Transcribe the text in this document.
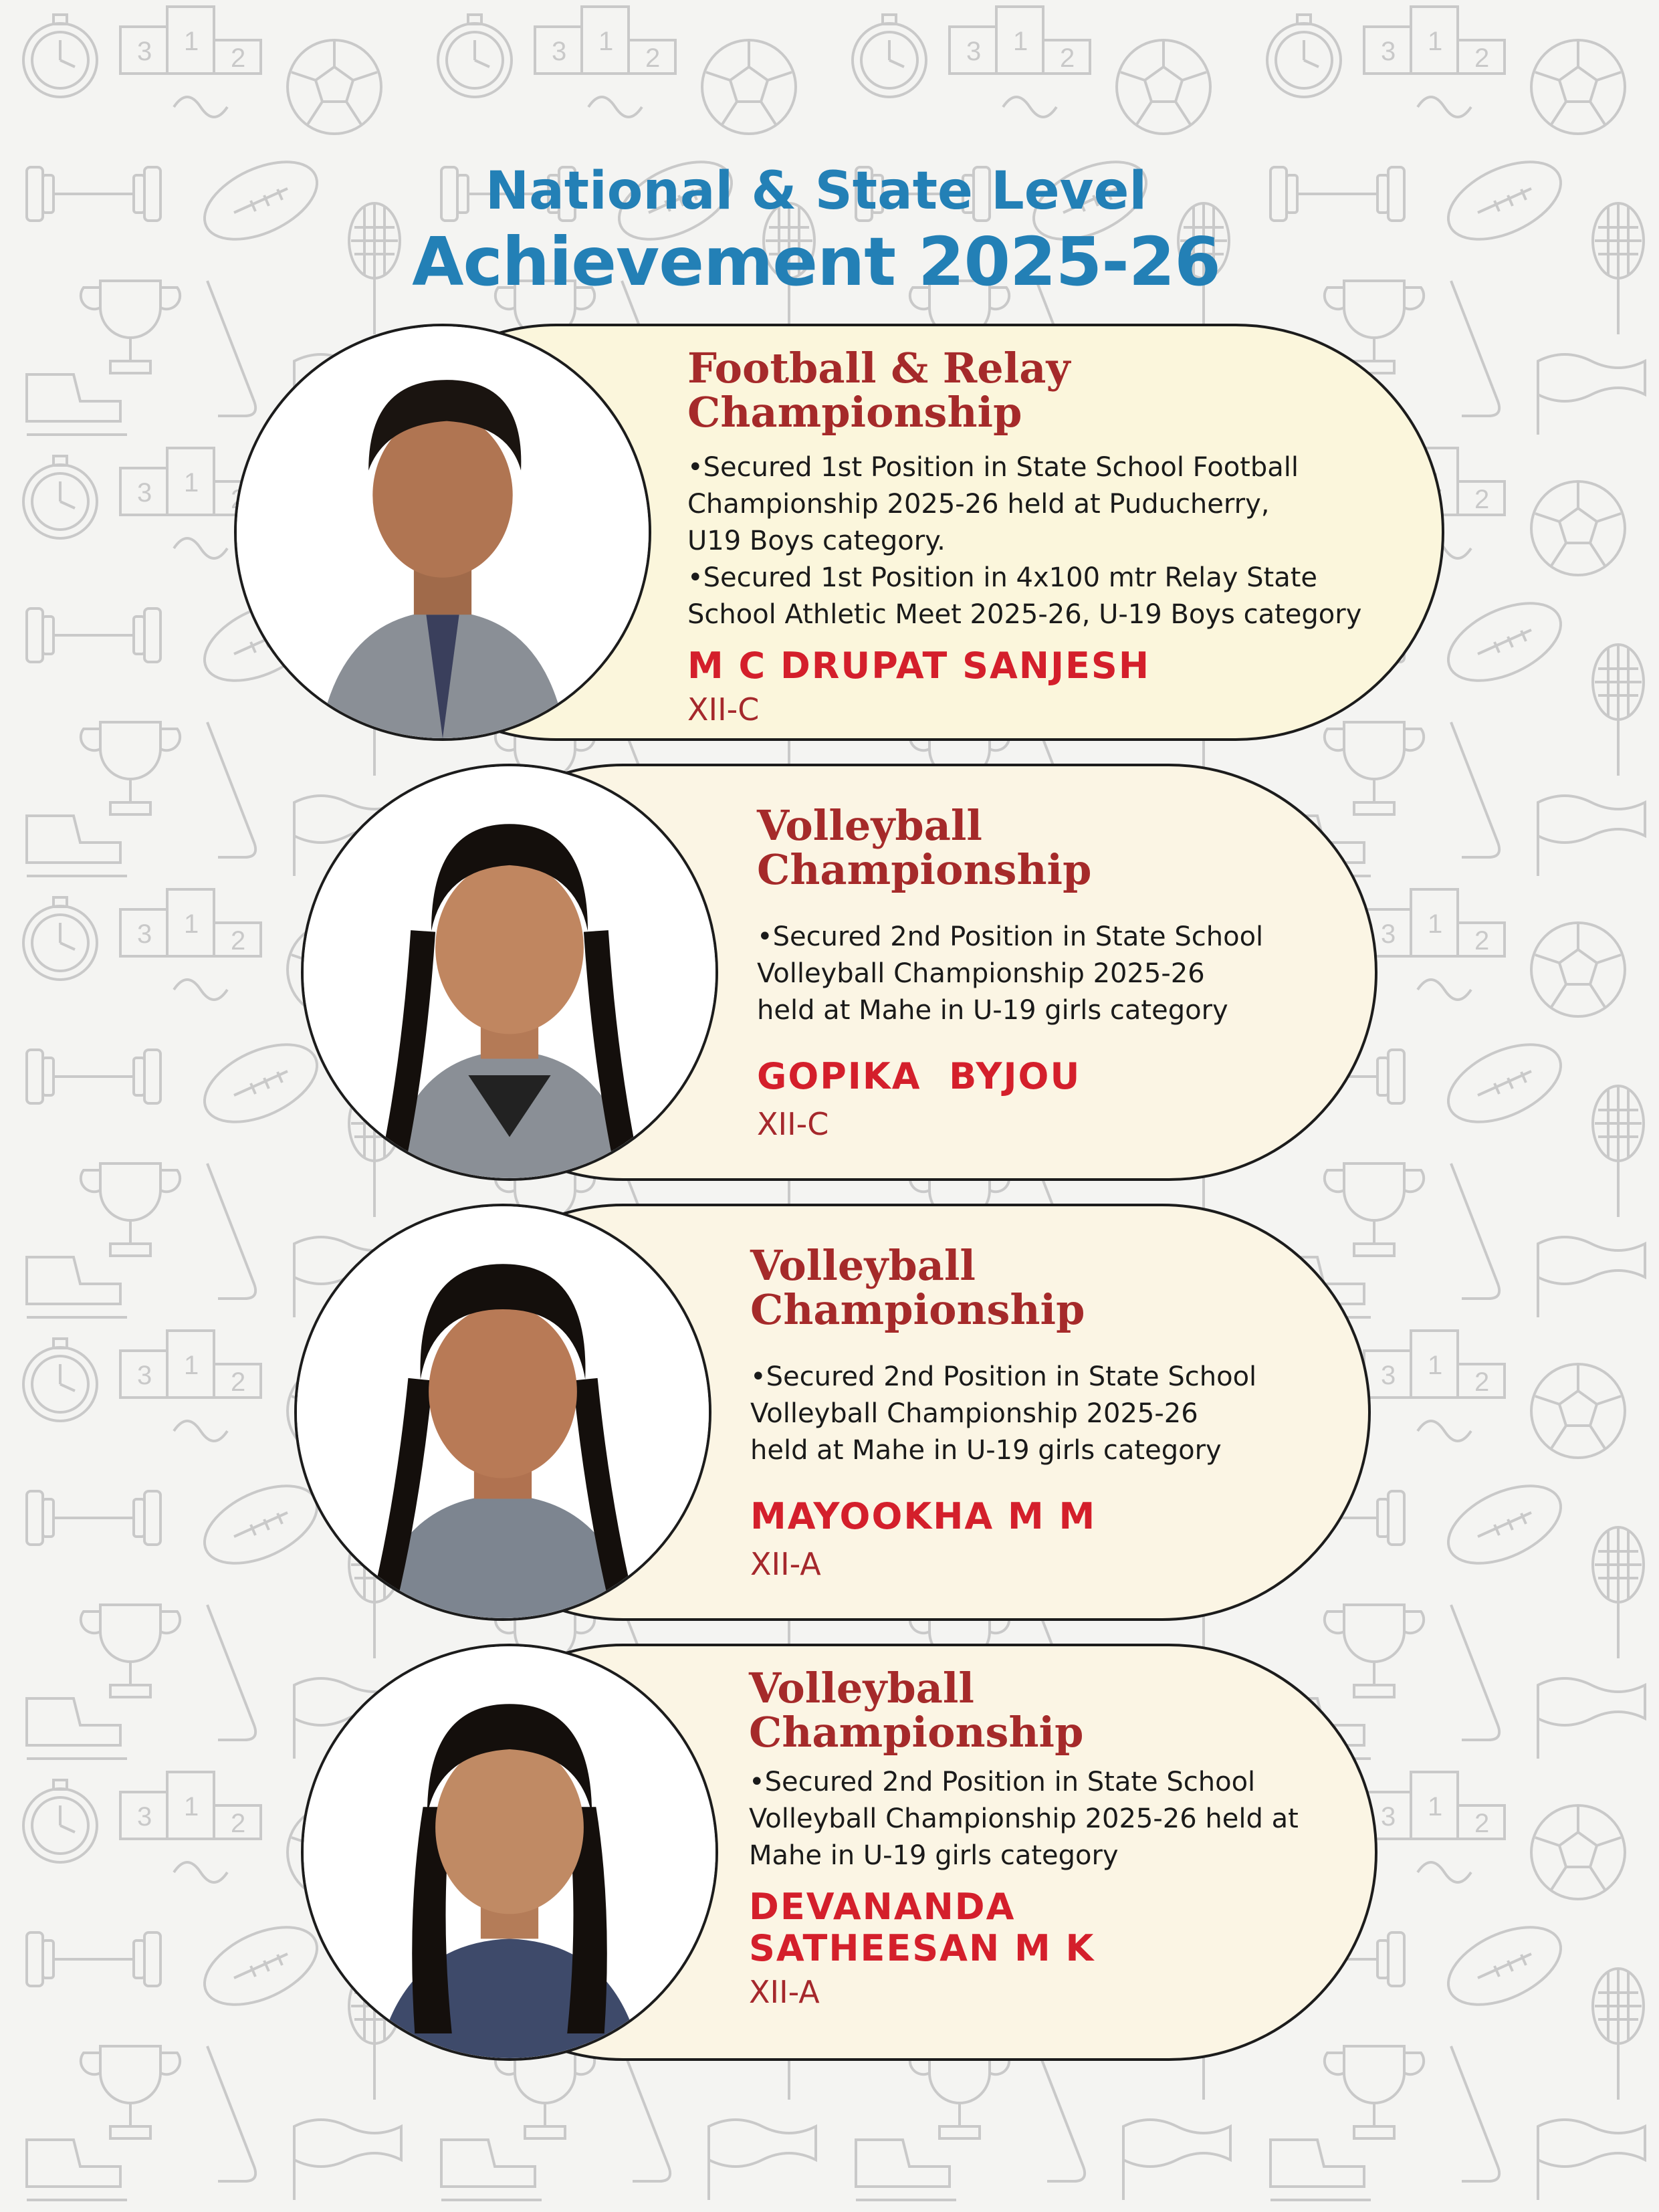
National & State Level
Achievement 2025-26
Football & Relay
Championship
•Secured 1st Position in State School Football
Championship 2025-26 held at Puducherry,
U19 Boys category.
•Secured 1st Position in 4x100 mtr Relay State
School Athletic Meet 2025-26, U-19 Boys category
M C DRUPAT SANJESH
XII-C
Volleyball
Championship
•Secured 2nd Position in State School
Volleyball Championship 2025-26
held at Mahe in U-19 girls category
GOPIKA  BYJOU
XII-C
Volleyball
Championship
•Secured 2nd Position in State School
Volleyball Championship 2025-26
held at Mahe in U-19 girls category
MAYOOKHA M M
XII-A
Volleyball
Championship
•Secured 2nd Position in State School
Volleyball Championship 2025-26 held at
Mahe in U-19 girls category
DEVANANDA
SATHEESAN M K
XII-A
